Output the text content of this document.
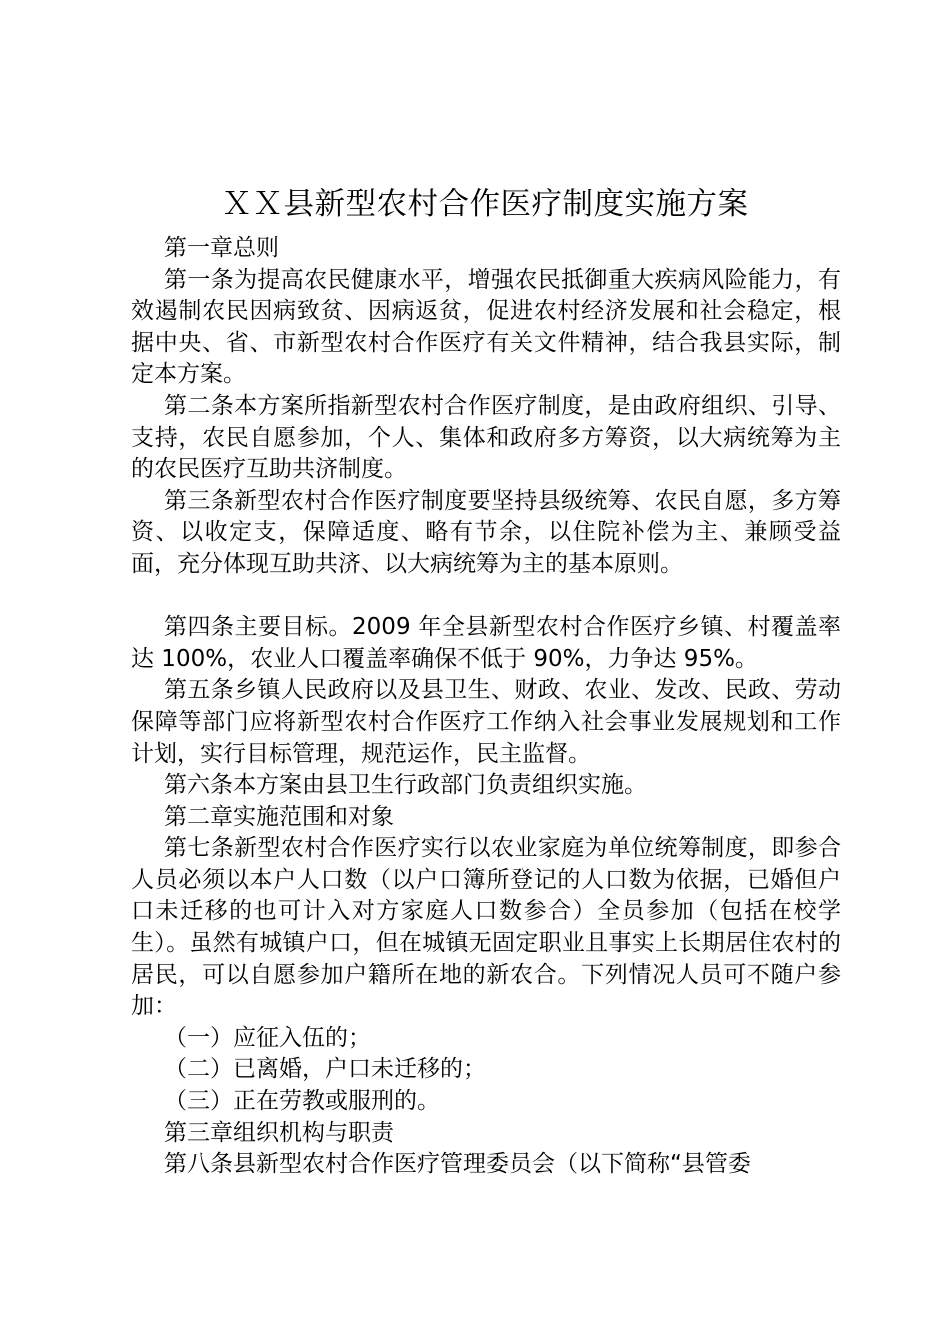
ＸＸ县新型农村合作医疗制度实施方案

第一章总则

第一条为提高农民健康水平，增强农民抵御重大疾病风险能力，有效遏制农民因病致贫、因病返贫，促进农村经济发展和社会稳定，根据中央、省、市新型农村合作医疗有关文件精神，结合我县实际，制定本方案。

第二条本方案所指新型农村合作医疗制度，是由政府组织、引导、支持，农民自愿参加，个人、集体和政府多方筹资，以大病统筹为主的农民医疗互助共济制度。

第三条新型农村合作医疗制度要坚持县级统筹、农民自愿，多方筹资、以收定支，保障适度、略有节余，以住院补偿为主、兼顾受益面，充分体现互助共济、以大病统筹为主的基本原则。

第四条主要目标。2009 年全县新型农村合作医疗乡镇、村覆盖率达 100%，农业人口覆盖率确保不低于 90%，力争达 95%。

第五条乡镇人民政府以及县卫生、财政、农业、发改、民政、劳动保障等部门应将新型农村合作医疗工作纳入社会事业发展规划和工作计划，实行目标管理，规范运作，民主监督。

第六条本方案由县卫生行政部门负责组织实施。

第二章实施范围和对象

第七条新型农村合作医疗实行以农业家庭为单位统筹制度，即参合人员必须以本户人口数（以户口簿所登记的人口数为依据，已婚但户口未迁移的也可计入对方家庭人口数参合）全员参加（包括在校学生）。虽然有城镇户口，但在城镇无固定职业且事实上长期居住农村的居民，可以自愿参加户籍所在地的新农合。下列情况人员可不随户参加：

（一）应征入伍的；

（二）已离婚，户口未迁移的；

（三）正在劳教或服刑的。

第三章组织机构与职责

第八条县新型农村合作医疗管理委员会（以下简称“县管委
